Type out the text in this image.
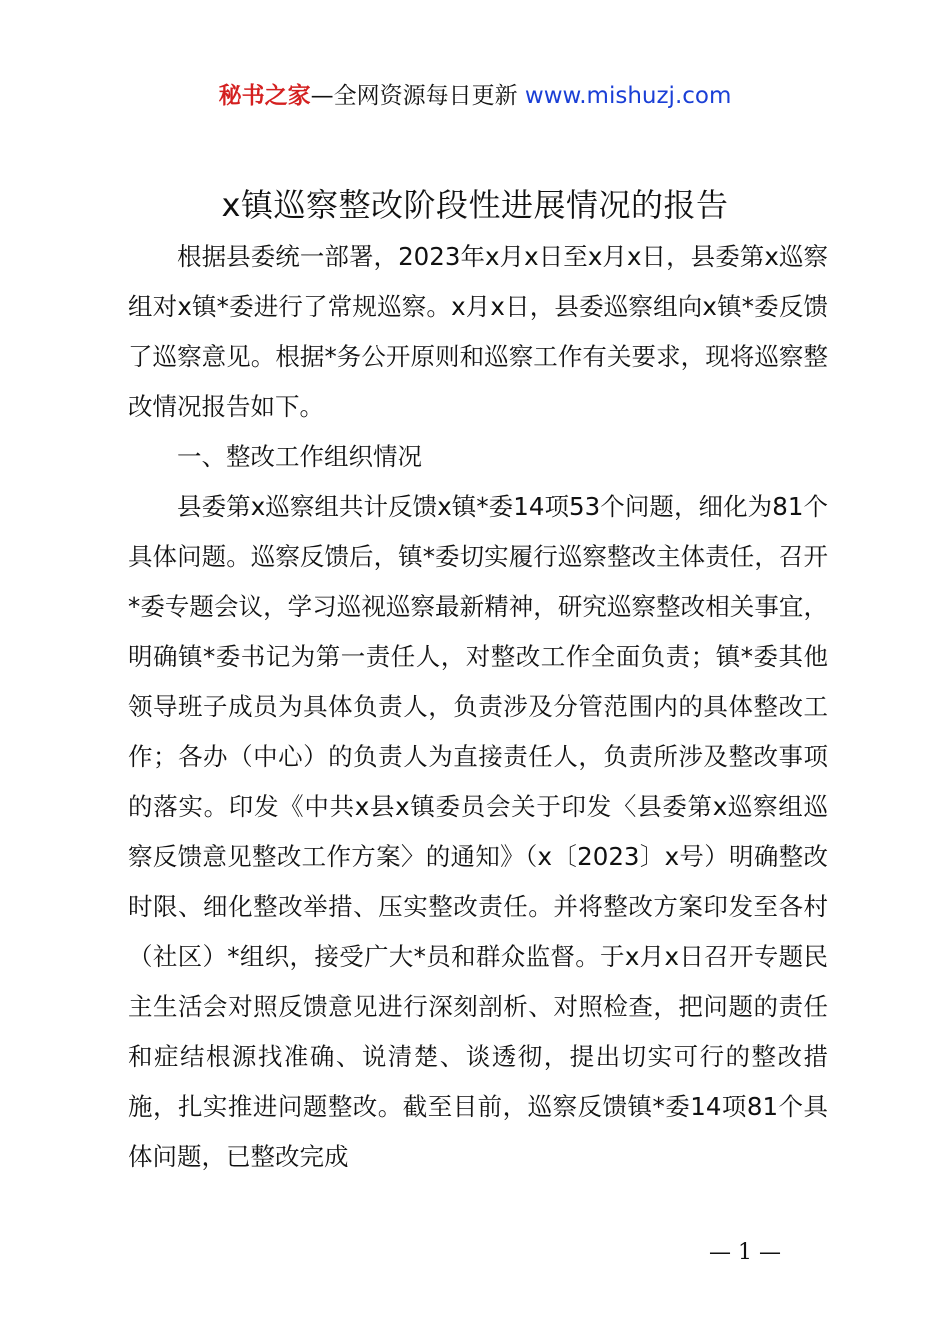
秘书之家—全网资源每日更新 www.mishuzj.com
x镇巡察整改阶段性进展情况的报告

根据县委统一部署，2023年x月x日至x月x日，县委第x巡察组对x镇*委进行了常规巡察。x月x日，县委巡察组向x镇*委反馈了巡察意见。根据*务公开原则和巡察工作有关要求，现将巡察整改情况报告如下。

一、整改工作组织情况

县委第x巡察组共计反馈x镇*委14项53个问题，细化为81个具体问题。巡察反馈后，镇*委切实履行巡察整改主体责任，召开*委专题会议，学习巡视巡察最新精神，研究巡察整改相关事宜，明确镇*委书记为第一责任人，对整改工作全面负责；镇*委其他领导班子成员为具体负责人，负责涉及分管范围内的具体整改工作；各办（中心）的负责人为直接责任人，负责所涉及整改事项的落实。印发《中共x县x镇委员会关于印发〈县委第x巡察组巡察反馈意见整改工作方案〉的通知》（x〔2023〕x号）明确整改时限、细化整改举措、压实整改责任。并将整改方案印发至各村（社区）*组织，接受广大*员和群众监督。于x月x日召开专题民主生活会对照反馈意见进行深刻剖析、对照检查，把问题的责任和症结根源找准确、说清楚、谈透彻，提出切实可行的整改措施，扎实推进问题整改。截至目前，巡察反馈镇*委14项81个具体问题，已整改完成

— 1 —
